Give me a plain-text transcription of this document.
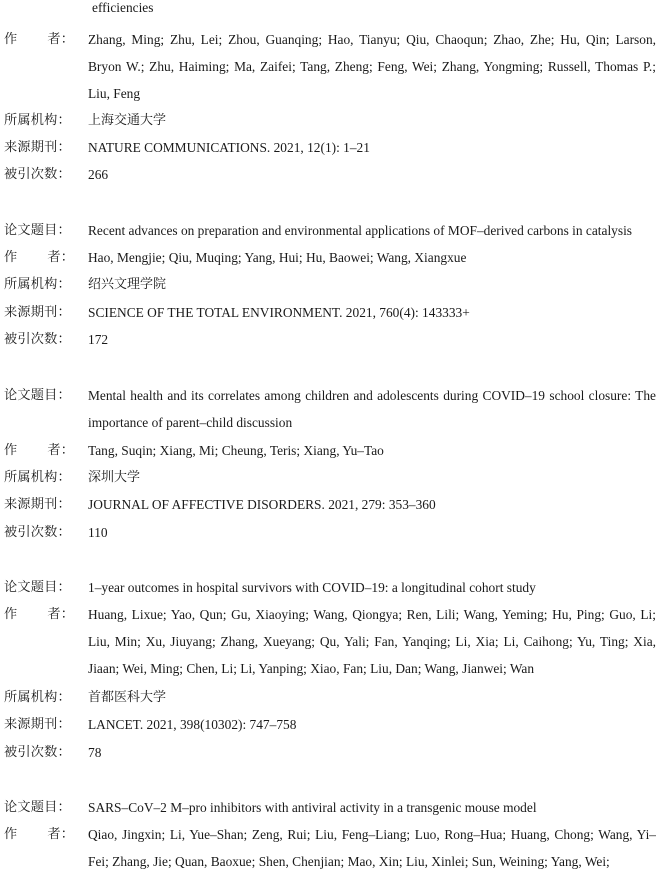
efficiencies
作 者：	Zhang, Ming; Zhu, Lei; Zhou, Guanqing; Hao, Tianyu; Qiu, Chaoqun; Zhao, Zhe; Hu, Qin; Larson, Bryon W.; Zhu, Haiming; Ma, Zaifei; Tang, Zheng; Feng, Wei; Zhang, Yongming; Russell, Thomas P.; Liu, Feng
所属机构：	上海交通大学
来源期刊：	NATURE COMMUNICATIONS. 2021, 12(1): 1–21
被引次数：	266
论文题目：	Recent advances on preparation and environmental applications of MOF–derived carbons in catalysis
作 者：	Hao, Mengjie; Qiu, Muqing; Yang, Hui; Hu, Baowei; Wang, Xiangxue
所属机构：	绍兴文理学院
来源期刊：	SCIENCE OF THE TOTAL ENVIRONMENT. 2021, 760(4): 143333+
被引次数：	172
论文题目：	Mental health and its correlates among children and adolescents during COVID–19 school closure: The importance of parent–child discussion
作 者：	Tang, Suqin; Xiang, Mi; Cheung, Teris; Xiang, Yu–Tao
所属机构：	深圳大学
来源期刊：	JOURNAL OF AFFECTIVE DISORDERS. 2021, 279: 353–360
被引次数：	110
论文题目：	1–year outcomes in hospital survivors with COVID–19: a longitudinal cohort study
作 者：	Huang, Lixue; Yao, Qun; Gu, Xiaoying; Wang, Qiongya; Ren, Lili; Wang, Yeming; Hu, Ping; Guo, Li; Liu, Min; Xu, Jiuyang; Zhang, Xueyang; Qu, Yali; Fan, Yanqing; Li, Xia; Li, Caihong; Yu, Ting; Xia, Jiaan; Wei, Ming; Chen, Li; Li, Yanping; Xiao, Fan; Liu, Dan; Wang, Jianwei; Wan
所属机构：	首都医科大学
来源期刊：	LANCET. 2021, 398(10302): 747–758
被引次数：	78
论文题目：	SARS–CoV–2 M–pro inhibitors with antiviral activity in a transgenic mouse model
作 者：	Qiao, Jingxin; Li, Yue–Shan; Zeng, Rui; Liu, Feng–Liang; Luo, Rong–Hua; Huang, Chong; Wang, Yi–Fei; Zhang, Jie; Quan, Baoxue; Shen, Chenjian; Mao, Xin; Liu, Xinlei; Sun, Weining; Yang, Wei;
